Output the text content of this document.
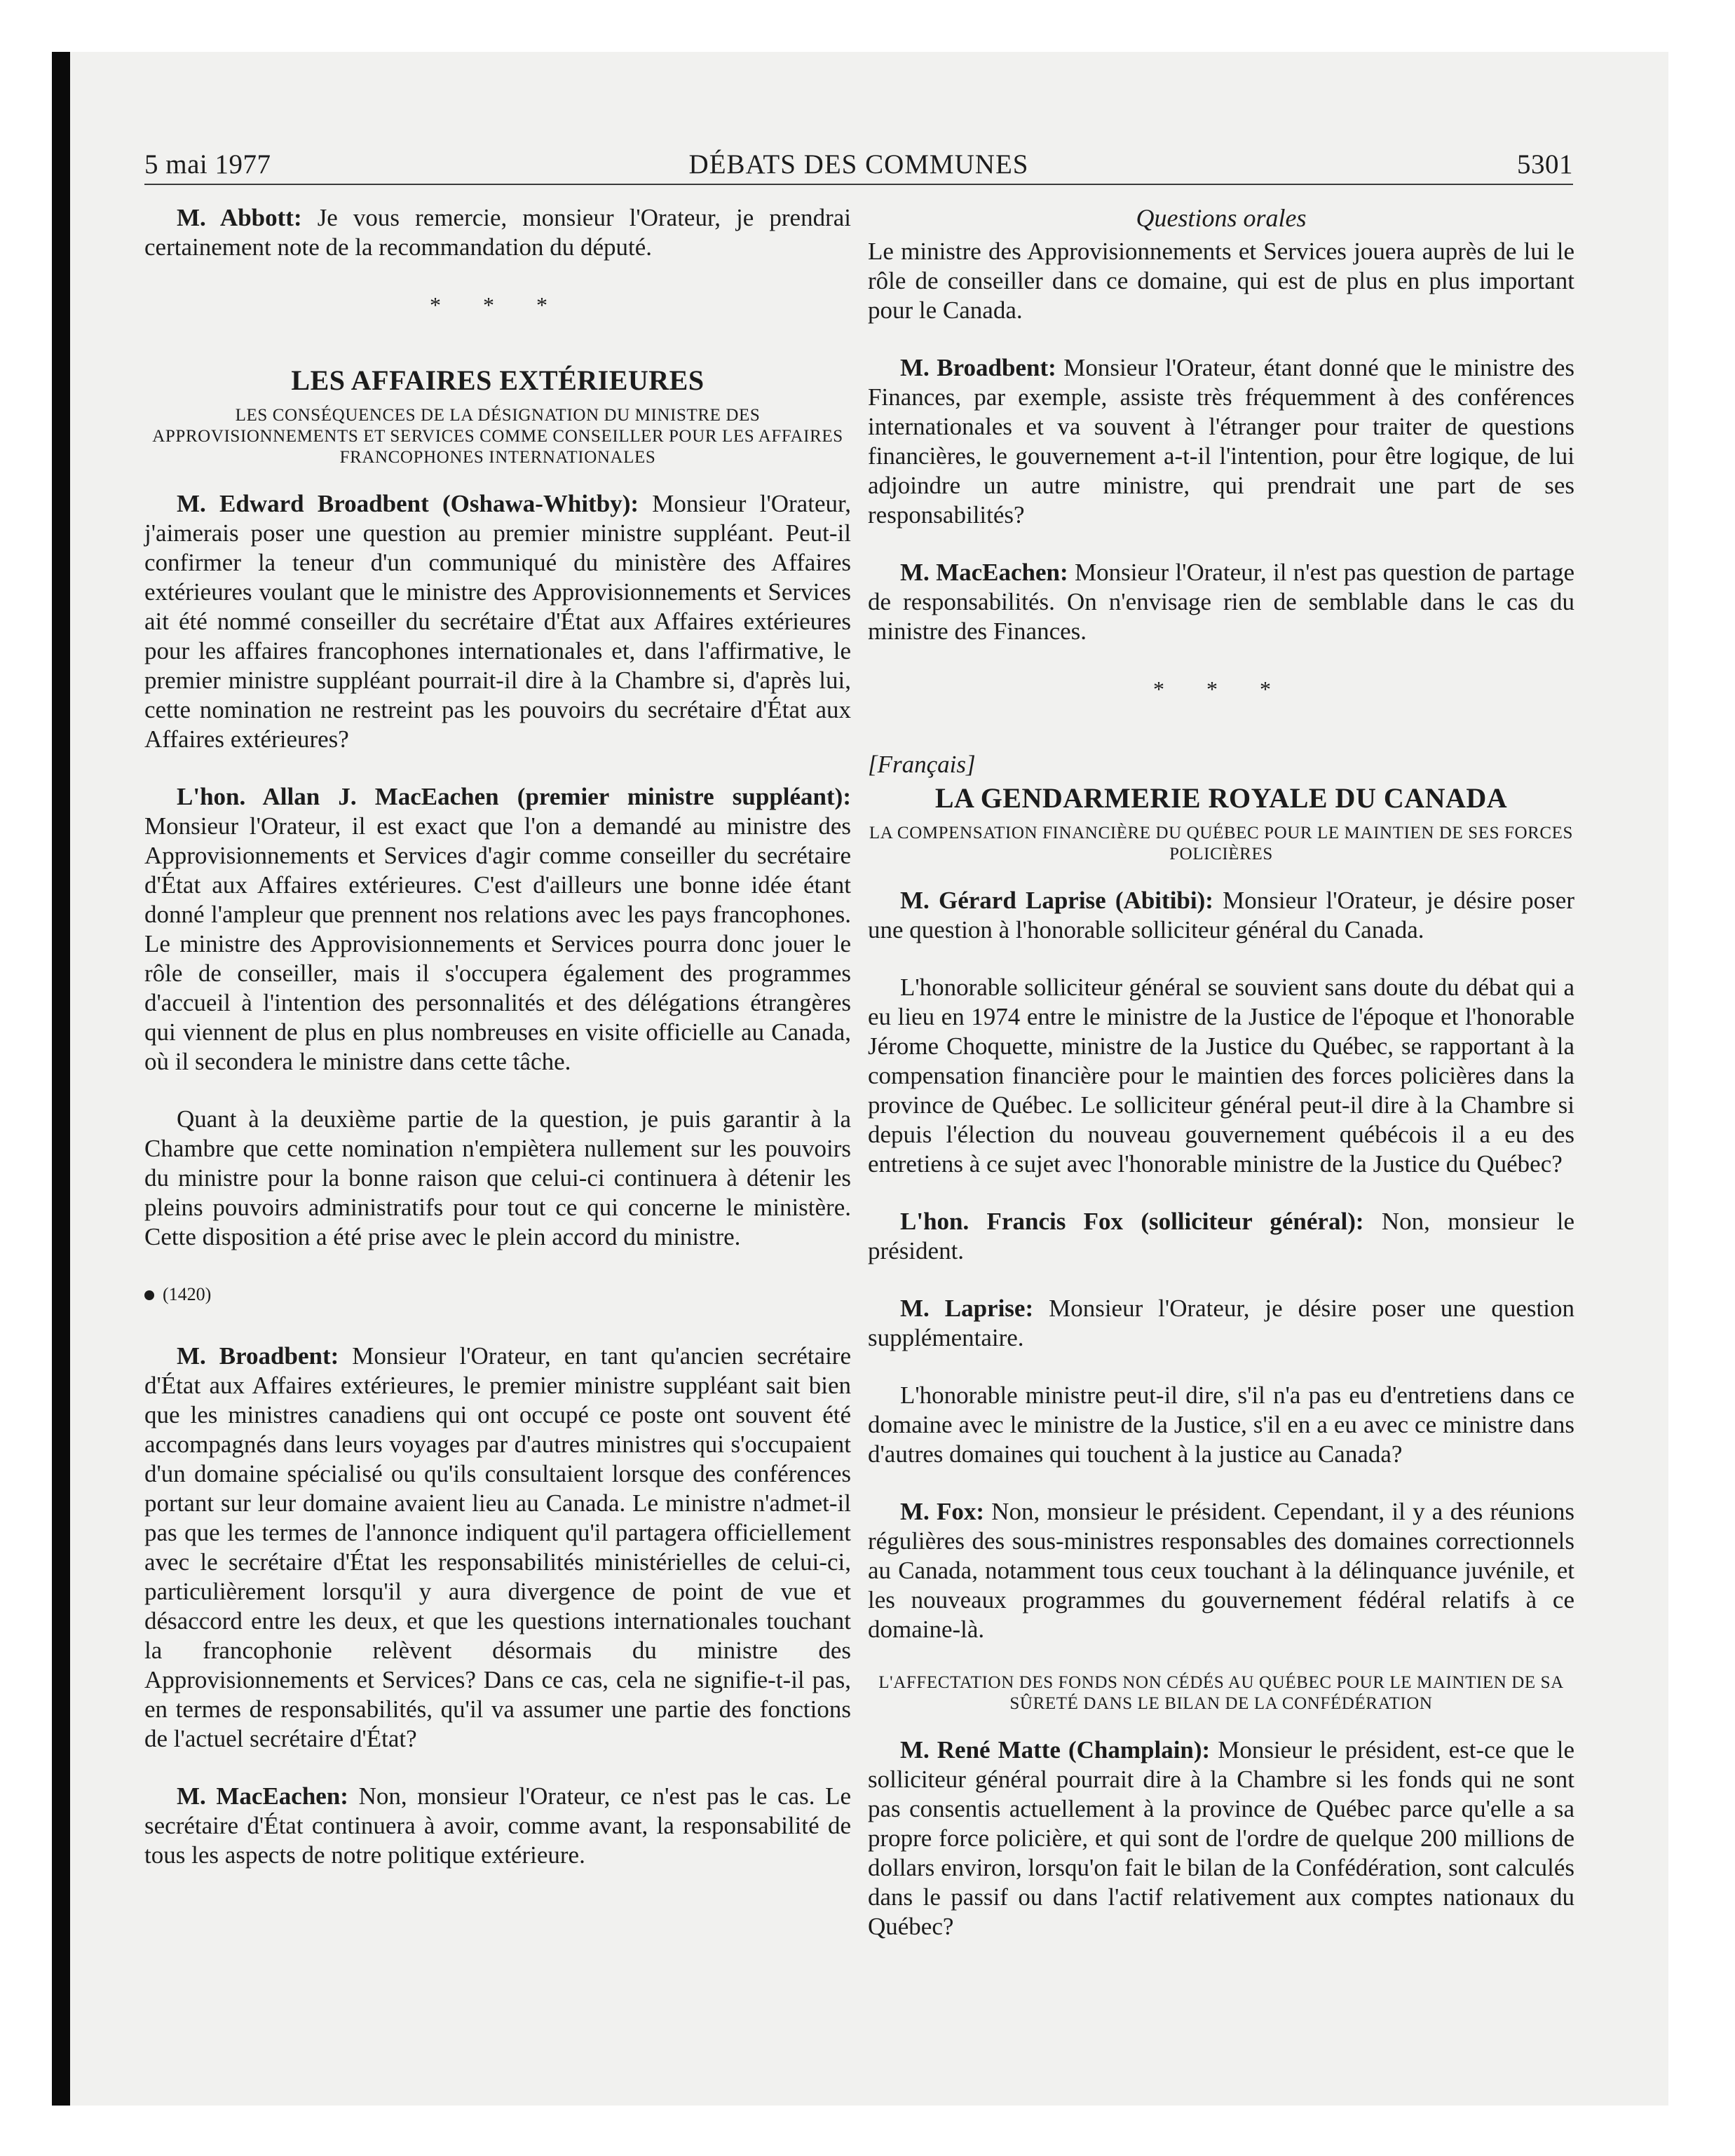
5 mai 1977	DÉBATS DES COMMUNES	5301

M. Abbott: Je vous remercie, monsieur l'Orateur, je prendrai certainement note de la recommandation du député.

* * *
LES AFFAIRES EXTÉRIEURES
LES CONSÉQUENCES DE LA DÉSIGNATION DU MINISTRE DES APPROVISIONNEMENTS ET SERVICES COMME CONSEILLER POUR LES AFFAIRES FRANCOPHONES INTERNATIONALES

M. Edward Broadbent (Oshawa-Whitby): Monsieur l'Orateur, j'aimerais poser une question au premier ministre suppléant. Peut-il confirmer la teneur d'un communiqué du ministère des Affaires extérieures voulant que le ministre des Approvisionnements et Services ait été nommé conseiller du secrétaire d'État aux Affaires extérieures pour les affaires francophones internationales et, dans l'affirmative, le premier ministre suppléant pourrait-il dire à la Chambre si, d'après lui, cette nomination ne restreint pas les pouvoirs du secrétaire d'État aux Affaires extérieures?

L'hon. Allan J. MacEachen (premier ministre suppléant): Monsieur l'Orateur, il est exact que l'on a demandé au ministre des Approvisionnements et Services d'agir comme conseiller du secrétaire d'État aux Affaires extérieures. C'est d'ailleurs une bonne idée étant donné l'ampleur que prennent nos relations avec les pays francophones. Le ministre des Approvisionnements et Services pourra donc jouer le rôle de conseiller, mais il s'occupera également des programmes d'accueil à l'intention des personnalités et des délégations étrangères qui viennent de plus en plus nombreuses en visite officielle au Canada, où il secondera le ministre dans cette tâche.

Quant à la deuxième partie de la question, je puis garantir à la Chambre que cette nomination n'empiètera nullement sur les pouvoirs du ministre pour la bonne raison que celui-ci continuera à détenir les pleins pouvoirs administratifs pour tout ce qui concerne le ministère. Cette disposition a été prise avec le plein accord du ministre.

(1420)

M. Broadbent: Monsieur l'Orateur, en tant qu'ancien secrétaire d'État aux Affaires extérieures, le premier ministre suppléant sait bien que les ministres canadiens qui ont occupé ce poste ont souvent été accompagnés dans leurs voyages par d'autres ministres qui s'occupaient d'un domaine spécialisé ou qu'ils consultaient lorsque des conférences portant sur leur domaine avaient lieu au Canada. Le ministre n'admet-il pas que les termes de l'annonce indiquent qu'il partagera officiellement avec le secrétaire d'État les responsabilités ministérielles de celui-ci, particulièrement lorsqu'il y aura divergence de point de vue et désaccord entre les deux, et que les questions internationales touchant la francophonie relèvent désormais du ministre des Approvisionnements et Services? Dans ce cas, cela ne signifie-t-il pas, en termes de responsabilités, qu'il va assumer une partie des fonctions de l'actuel secrétaire d'État?

M. MacEachen: Non, monsieur l'Orateur, ce n'est pas le cas. Le secrétaire d'État continuera à avoir, comme avant, la responsabilité de tous les aspects de notre politique extérieure.

Questions orales

Le ministre des Approvisionnements et Services jouera auprès de lui le rôle de conseiller dans ce domaine, qui est de plus en plus important pour le Canada.

M. Broadbent: Monsieur l'Orateur, étant donné que le ministre des Finances, par exemple, assiste très fréquemment à des conférences internationales et va souvent à l'étranger pour traiter de questions financières, le gouvernement a-t-il l'intention, pour être logique, de lui adjoindre un autre ministre, qui prendrait une part de ses responsabilités?

M. MacEachen: Monsieur l'Orateur, il n'est pas question de partage de responsabilités. On n'envisage rien de semblable dans le cas du ministre des Finances.

* * *
[Français]
LA GENDARMERIE ROYALE DU CANADA
LA COMPENSATION FINANCIÈRE DU QUÉBEC POUR LE MAINTIEN DE SES FORCES POLICIÈRES

M. Gérard Laprise (Abitibi): Monsieur l'Orateur, je désire poser une question à l'honorable solliciteur général du Canada.

L'honorable solliciteur général se souvient sans doute du débat qui a eu lieu en 1974 entre le ministre de la Justice de l'époque et l'honorable Jérome Choquette, ministre de la Justice du Québec, se rapportant à la compensation financière pour le maintien des forces policières dans la province de Québec. Le solliciteur général peut-il dire à la Chambre si depuis l'élection du nouveau gouvernement québécois il a eu des entretiens à ce sujet avec l'honorable ministre de la Justice du Québec?

L'hon. Francis Fox (solliciteur général): Non, monsieur le président.

M. Laprise: Monsieur l'Orateur, je désire poser une question supplémentaire.

L'honorable ministre peut-il dire, s'il n'a pas eu d'entretiens dans ce domaine avec le ministre de la Justice, s'il en a eu avec ce ministre dans d'autres domaines qui touchent à la justice au Canada?

M. Fox: Non, monsieur le président. Cependant, il y a des réunions régulières des sous-ministres responsables des domaines correctionnels au Canada, notamment tous ceux touchant à la délinquance juvénile, et les nouveaux programmes du gouvernement fédéral relatifs à ce domaine-là.

L'AFFECTATION DES FONDS NON CÉDÉS AU QUÉBEC POUR LE MAINTIEN DE SA SÛRETÉ DANS LE BILAN DE LA CONFÉDÉRATION

M. René Matte (Champlain): Monsieur le président, est-ce que le solliciteur général pourrait dire à la Chambre si les fonds qui ne sont pas consentis actuellement à la province de Québec parce qu'elle a sa propre force policière, et qui sont de l'ordre de quelque 200 millions de dollars environ, lorsqu'on fait le bilan de la Confédération, sont calculés dans le passif ou dans l'actif relativement aux comptes nationaux du Québec?
